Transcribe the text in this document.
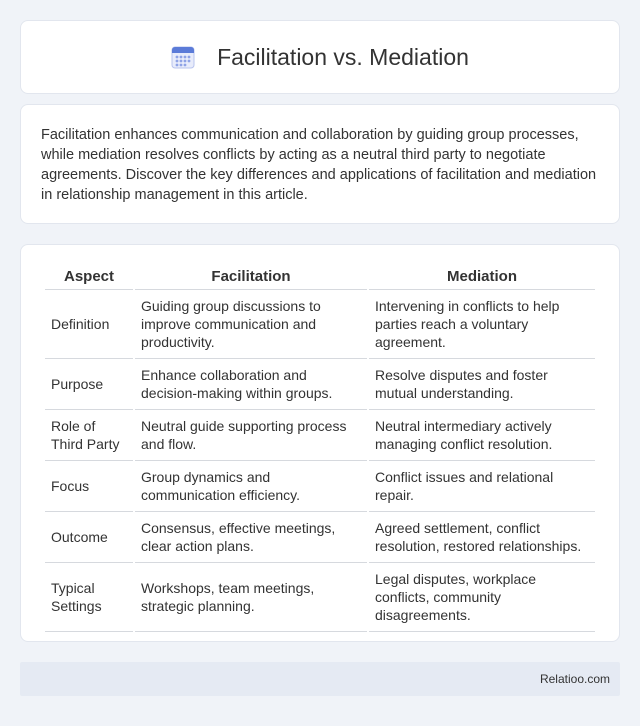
Facilitation vs. Mediation

Facilitation enhances communication and collaboration by guiding group processes, while mediation resolves conflicts by acting as a neutral third party to negotiate agreements. Discover the key differences and applications of facilitation and mediation in relationship management in this article.

Aspect	Facilitation	Mediation
Definition	Guiding group discussions to improve communication and productivity.	Intervening in conflicts to help parties reach a voluntary agreement.
Purpose	Enhance collaboration and decision-making within groups.	Resolve disputes and foster mutual understanding.
Role of Third Party	Neutral guide supporting process and flow.	Neutral intermediary actively managing conflict resolution.
Focus	Group dynamics and communication efficiency.	Conflict issues and relational repair.
Outcome	Consensus, effective meetings, clear action plans.	Agreed settlement, conflict resolution, restored relationships.
Typical Settings	Workshops, team meetings, strategic planning.	Legal disputes, workplace conflicts, community disagreements.
Relatioo.com
